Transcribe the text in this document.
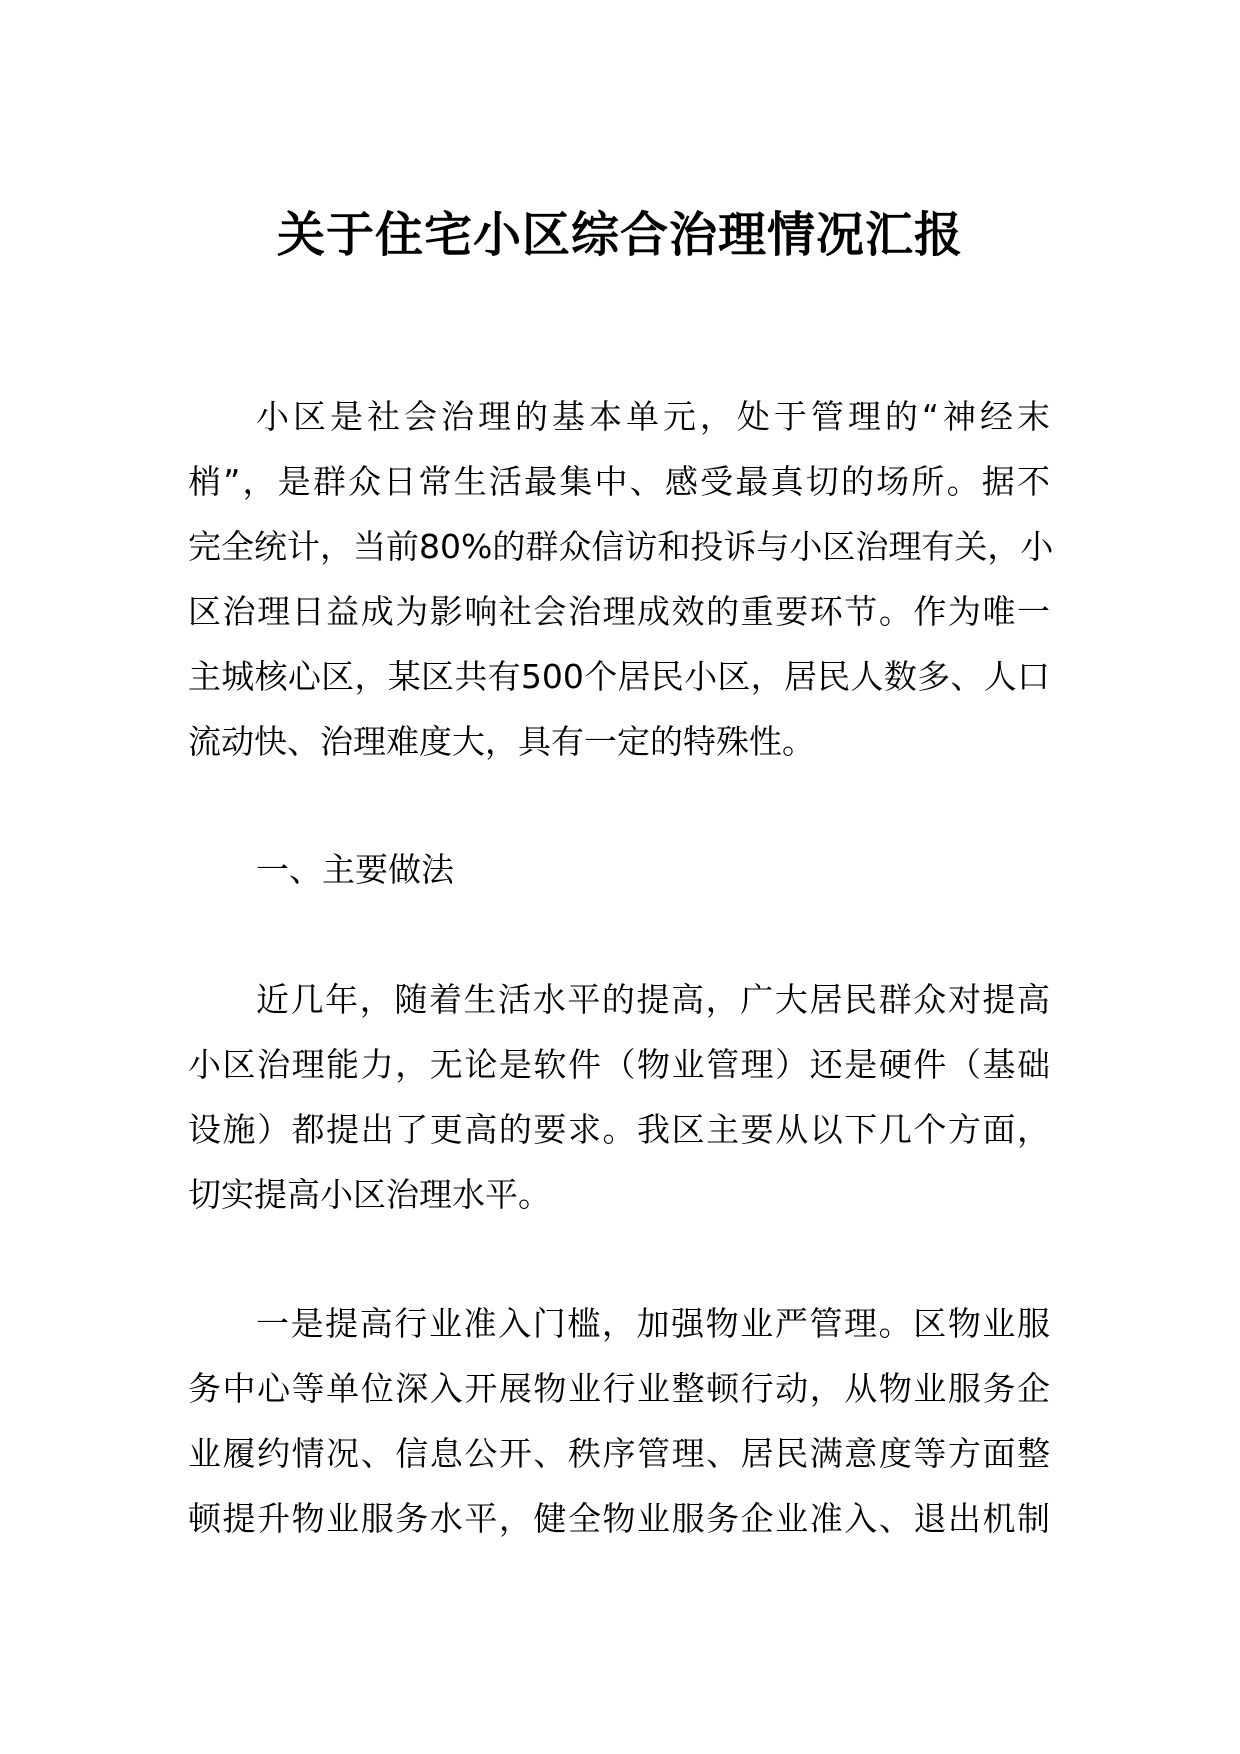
关于住宅小区综合治理情况汇报
小区是社会治理的基本单元，处于管理的“神经末
梢”，是群众日常生活最集中、感受最真切的场所。据不
完全统计，当前80%的群众信访和投诉与小区治理有关，小
区治理日益成为影响社会治理成效的重要环节。作为唯一
主城核心区，某区共有500个居民小区，居民人数多、人口
流动快、治理难度大，具有一定的特殊性。
一、主要做法
近几年，随着生活水平的提高，广大居民群众对提高
小区治理能力，无论是软件（物业管理）还是硬件（基础
设施）都提出了更高的要求。我区主要从以下几个方面，
切实提高小区治理水平。
一是提高行业准入门槛，加强物业严管理。区物业服
务中心等单位深入开展物业行业整顿行动，从物业服务企
业履约情况、信息公开、秩序管理、居民满意度等方面整
顿提升物业服务水平，健全物业服务企业准入、退出机制
